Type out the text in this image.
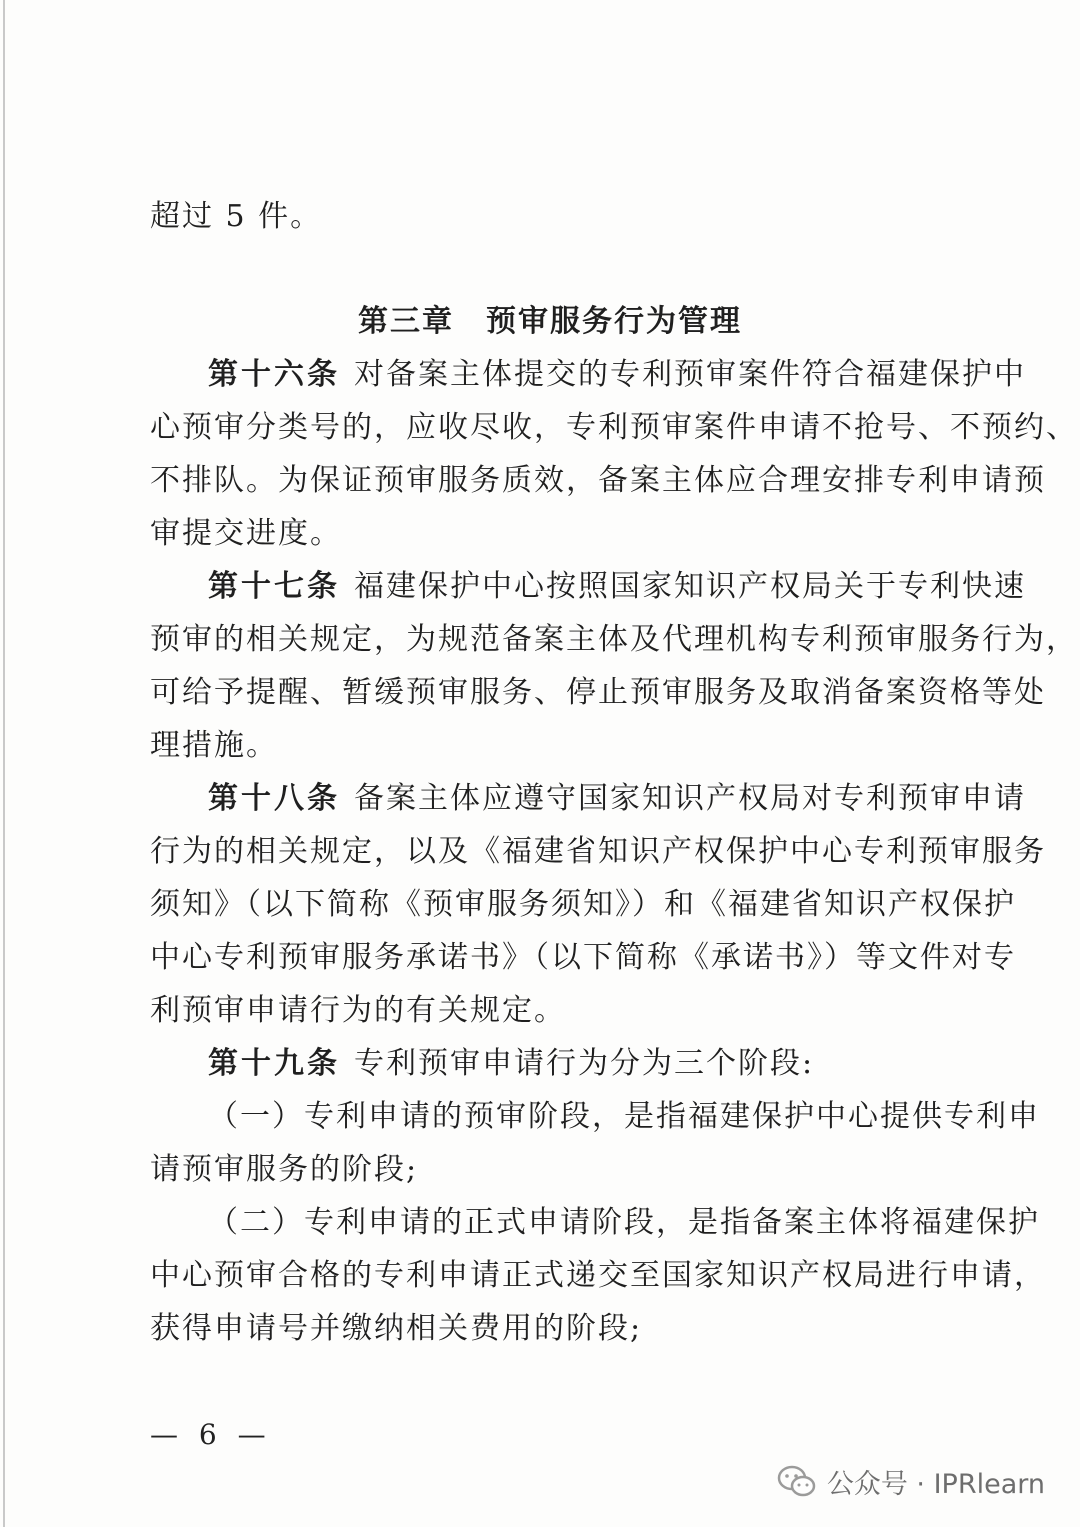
超过 5 件。
第三章　预审服务行为管理
第十六条 对备案主体提交的专利预审案件符合福建保护中
心预审分类号的，应收尽收，专利预审案件申请不抢号、不预约、
不排队。为保证预审服务质效，备案主体应合理安排专利申请预
审提交进度。
第十七条 福建保护中心按照国家知识产权局关于专利快速
预审的相关规定，为规范备案主体及代理机构专利预审服务行为，
可给予提醒、暂缓预审服务、停止预审服务及取消备案资格等处
理措施。
第十八条 备案主体应遵守国家知识产权局对专利预审申请
行为的相关规定，以及《福建省知识产权保护中心专利预审服务
须知》（以下简称《预审服务须知》）和《福建省知识产权保护
中心专利预审服务承诺书》（以下简称《承诺书》）等文件对专
利预审申请行为的有关规定。
第十九条 专利预审申请行为分为三个阶段:
（一）专利申请的预审阶段，是指福建保护中心提供专利申
请预审服务的阶段;
（二）专利申请的正式申请阶段，是指备案主体将福建保护
中心预审合格的专利申请正式递交至国家知识产权局进行申请，
获得申请号并缴纳相关费用的阶段;
— 6 —
公众号 · IPRlearn
